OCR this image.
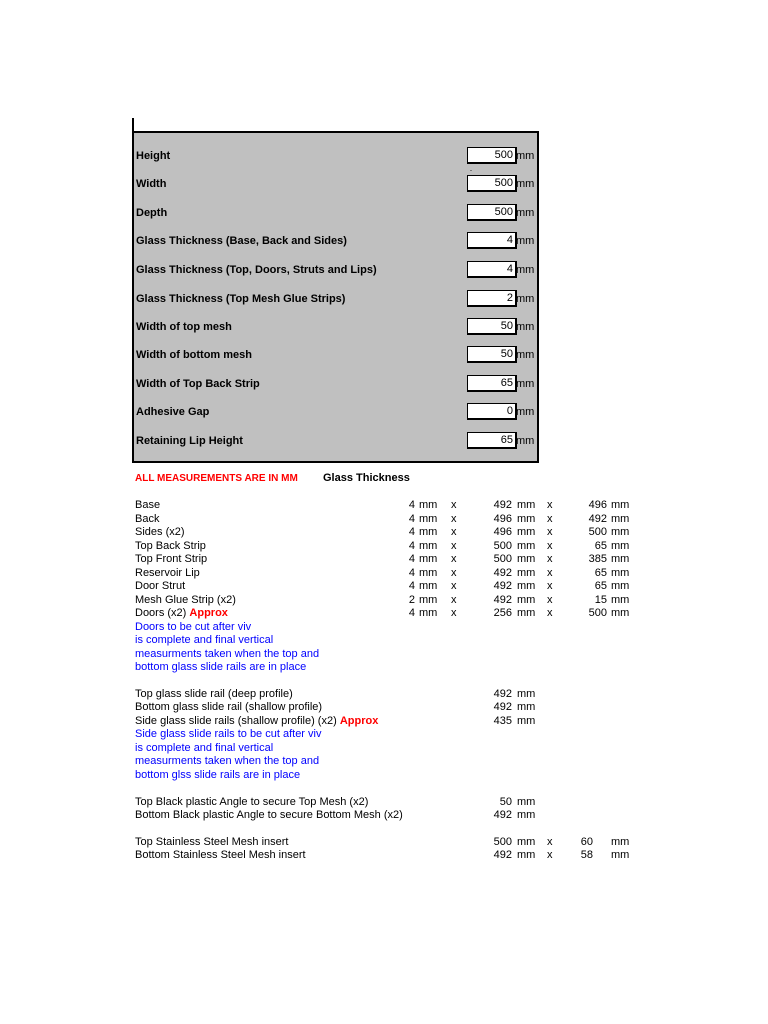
Height	500 mm
Width	500 mm
Depth	500 mm
Glass Thickness (Base, Back and Sides)	4 mm
Glass Thickness (Top, Doors, Struts and Lips)	4 mm
Glass Thickness (Top Mesh Glue Strips)	2 mm
Width of top mesh	50 mm
Width of bottom mesh	50 mm
Width of Top Back Strip	65 mm
Adhesive Gap	0 mm
Retaining Lip Height	65 mm
ALL MEASUREMENTS ARE IN MM Glass Thickness
Base	4 mm x	492 mm x	496 mm
Back	4 mm x	496 mm x	492 mm
Sides (x2)	4 mm x	496 mm x	500 mm
Top Back Strip	4 mm x	500 mm x	65 mm
Top Front Strip	4 mm x	500 mm x	385 mm
Reservoir Lip	4 mm x	492 mm x	65 mm
Door Strut	4 mm x	492 mm x	65 mm
Mesh Glue Strip (x2)	2 mm x	492 mm x	15 mm
Doors (x2) Approx	4 mm x	256 mm x	500 mm
Doors to be cut after viv
is complete and final vertical
measurments taken when the top and
bottom glass slide rails are in place
Top glass slide rail (deep profile)	492 mm
Bottom glass slide rail (shallow profile)	492 mm
Side glass slide rails (shallow profile) (x2) Approx	435 mm
Side glass slide rails to be cut after viv
is complete and final vertical
measurments taken when the top and
bottom glss slide rails are in place
Top Black plastic Angle to secure Top Mesh (x2)	50 mm
Bottom Black plastic Angle to secure Bottom Mesh (x2)	492 mm
Top Stainless Steel Mesh insert	500 mm x	60 mm
Bottom Stainless Steel Mesh insert	492 mm x	58 mm
